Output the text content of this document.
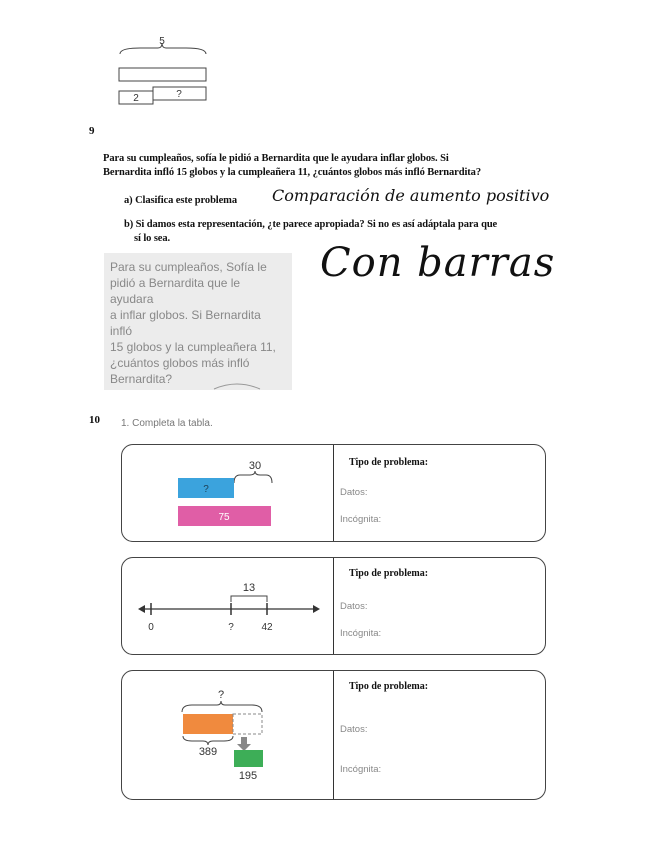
5
2	?
9
Para su cumpleaños, sofía le pidió a Bernardita que le ayudara inflar globos. Si
Bernardita infló 15 globos y la cumpleañera 11, ¿cuántos globos más infló Bernardita?
a) Clasifica este problema Comparación de aumento positivo
b) Si damos esta representación, ¿te parece apropiada? Si no es así adáptala para que
sí lo sea.
Para su cumpleaños, Sofía le
pidió a Bernardita que le ayudara
a inflar globos. Si Bernardita infló
15 globos y la cumpleañera 11,
¿cuántos globos más infló
Bernardita?
Con barras
10 1. Completa la tabla.
30
?
75
Tipo de problema:
Datos:
Incógnita:
13
0	?	42
Tipo de problema:
Datos:
Incógnita:
?
389
195
Tipo de problema:
Datos:
Incógnita:
